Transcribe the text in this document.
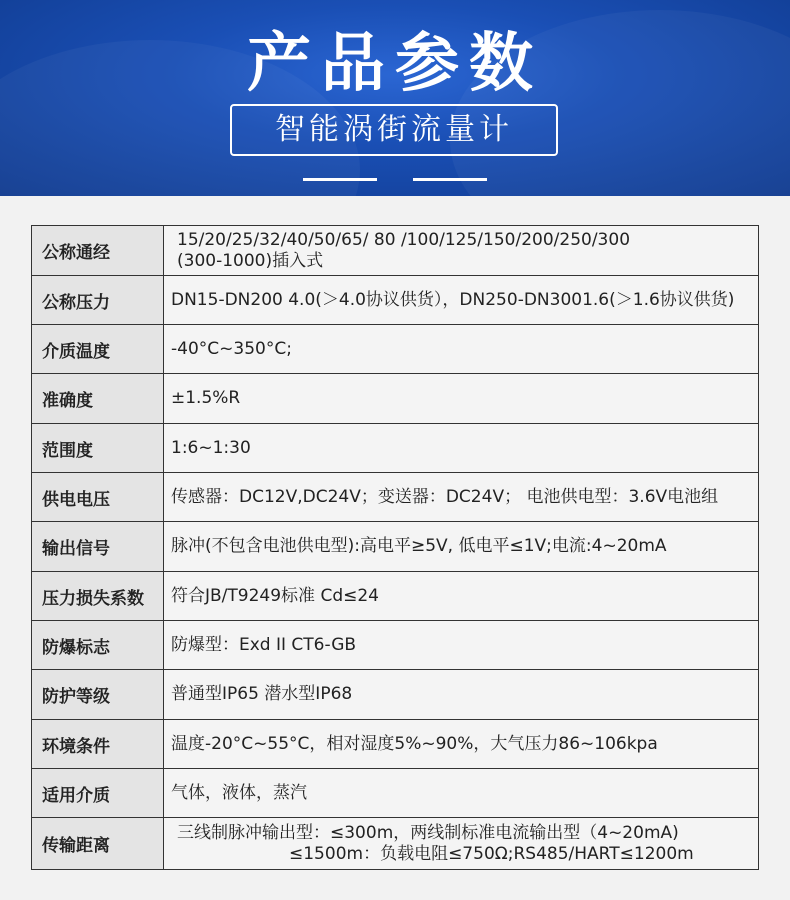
产品参数
智能涡街流量计
公称通经	15/20/25/32/40/50/65/ 80 /100/125/150/200/250/300
(300-1000)插入式

公称压力	DN15-DN200 4.0(＞4.0协议供货），DN250-DN3001.6(＞1.6协议供货)
介质温度	-40°C~350°C;
准确度	±1.5%R
范围度	1:6~1:30
供电电压	传感器：DC12V,DC24V；变送器：DC24V； 电池供电型：3.6V电池组
输出信号	脉冲(不包含电池供电型):高电平≥5V, 低电平≤1V;电流:4~20mA
压力损失系数	符合JB/T9249标准 Cd≤24
防爆标志	防爆型：Exd II CT6-GB
防护等级	普通型IP65 潜水型IP68
环境条件	温度-20°C~55°C，相对湿度5%~90%，大气压力86~106kpa
适用介质	气体，液体，蒸汽
传输距离	三线制脉冲输出型：≤300m，两线制标准电流输出型（4~20mA)
≤1500m：负载电阻≤750Ω;RS485/HART≤1200m
